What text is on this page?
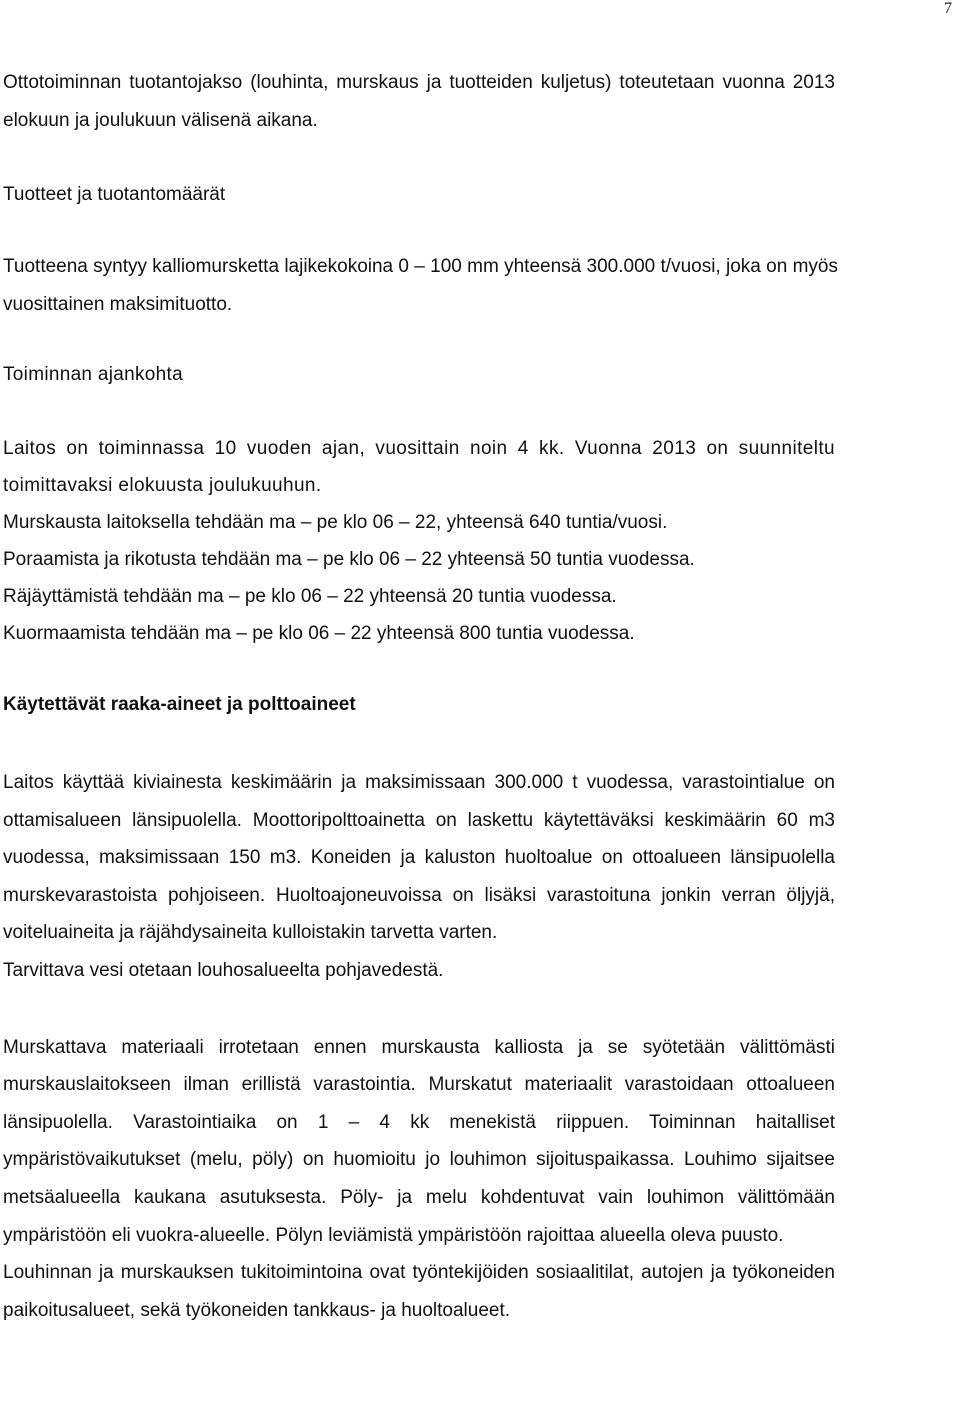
7

Ottotoiminnan tuotantojakso (louhinta, murskaus ja tuotteiden kuljetus) toteutetaan vuonna 2013 elokuun ja joulukuun välisenä aikana.

Tuotteet ja tuotantomäärät

Tuotteena syntyy kalliomursketta lajikekokoina 0 – 100 mm yhteensä 300.000 t/vuosi, joka on myös vuosittainen maksimituotto.

Toiminnan ajankohta

Laitos on toiminnassa 10 vuoden ajan, vuosittain noin 4 kk. Vuonna 2013 on suunniteltu toimittavaksi elokuusta joulukuuhun.

Murskausta laitoksella tehdään ma – pe klo 06 – 22, yhteensä 640 tuntia/vuosi.

Poraamista ja rikotusta tehdään ma – pe klo 06 – 22 yhteensä 50 tuntia vuodessa.

Räjäyttämistä tehdään ma – pe klo 06 – 22 yhteensä 20 tuntia vuodessa.

Kuormaamista tehdään ma – pe klo 06 – 22 yhteensä 800 tuntia vuodessa.

Käytettävät raaka-aineet ja polttoaineet

Laitos käyttää kiviainesta keskimäärin ja maksimissaan 300.000 t vuodessa, varastointialue on ottamisalueen länsipuolella. Moottoripolttoainetta on laskettu käytettäväksi keskimäärin 60 m3 vuodessa, maksimissaan 150 m3. Koneiden ja kaluston huoltoalue on ottoalueen länsipuolella murskevarastoista pohjoiseen. Huoltoajoneuvoissa on lisäksi varastoituna jonkin verran öljyjä, voiteluaineita ja räjähdysaineita kulloistakin tarvetta varten.

Tarvittava vesi otetaan louhosalueelta pohjavedestä.

Murskattava materiaali irrotetaan ennen murskausta kalliosta ja se syötetään välittömästi murskauslaitokseen ilman erillistä varastointia. Murskatut materiaalit varastoidaan ottoalueen länsipuolella. Varastointiaika on 1 – 4 kk menekistä riippuen. Toiminnan haitalliset ympäristövaikutukset (melu, pöly) on huomioitu jo louhimon sijoituspaikassa. Louhimo sijaitsee metsäalueella kaukana asutuksesta. Pöly- ja melu kohdentuvat vain louhimon välittömään ympäristöön eli vuokra-alueelle. Pölyn leviämistä ympäristöön rajoittaa alueella oleva puusto.

Louhinnan ja murskauksen tukitoimintoina ovat työntekijöiden sosiaalitilat, autojen ja työkoneiden paikoitusalueet, sekä työkoneiden tankkaus- ja huoltoalueet.
